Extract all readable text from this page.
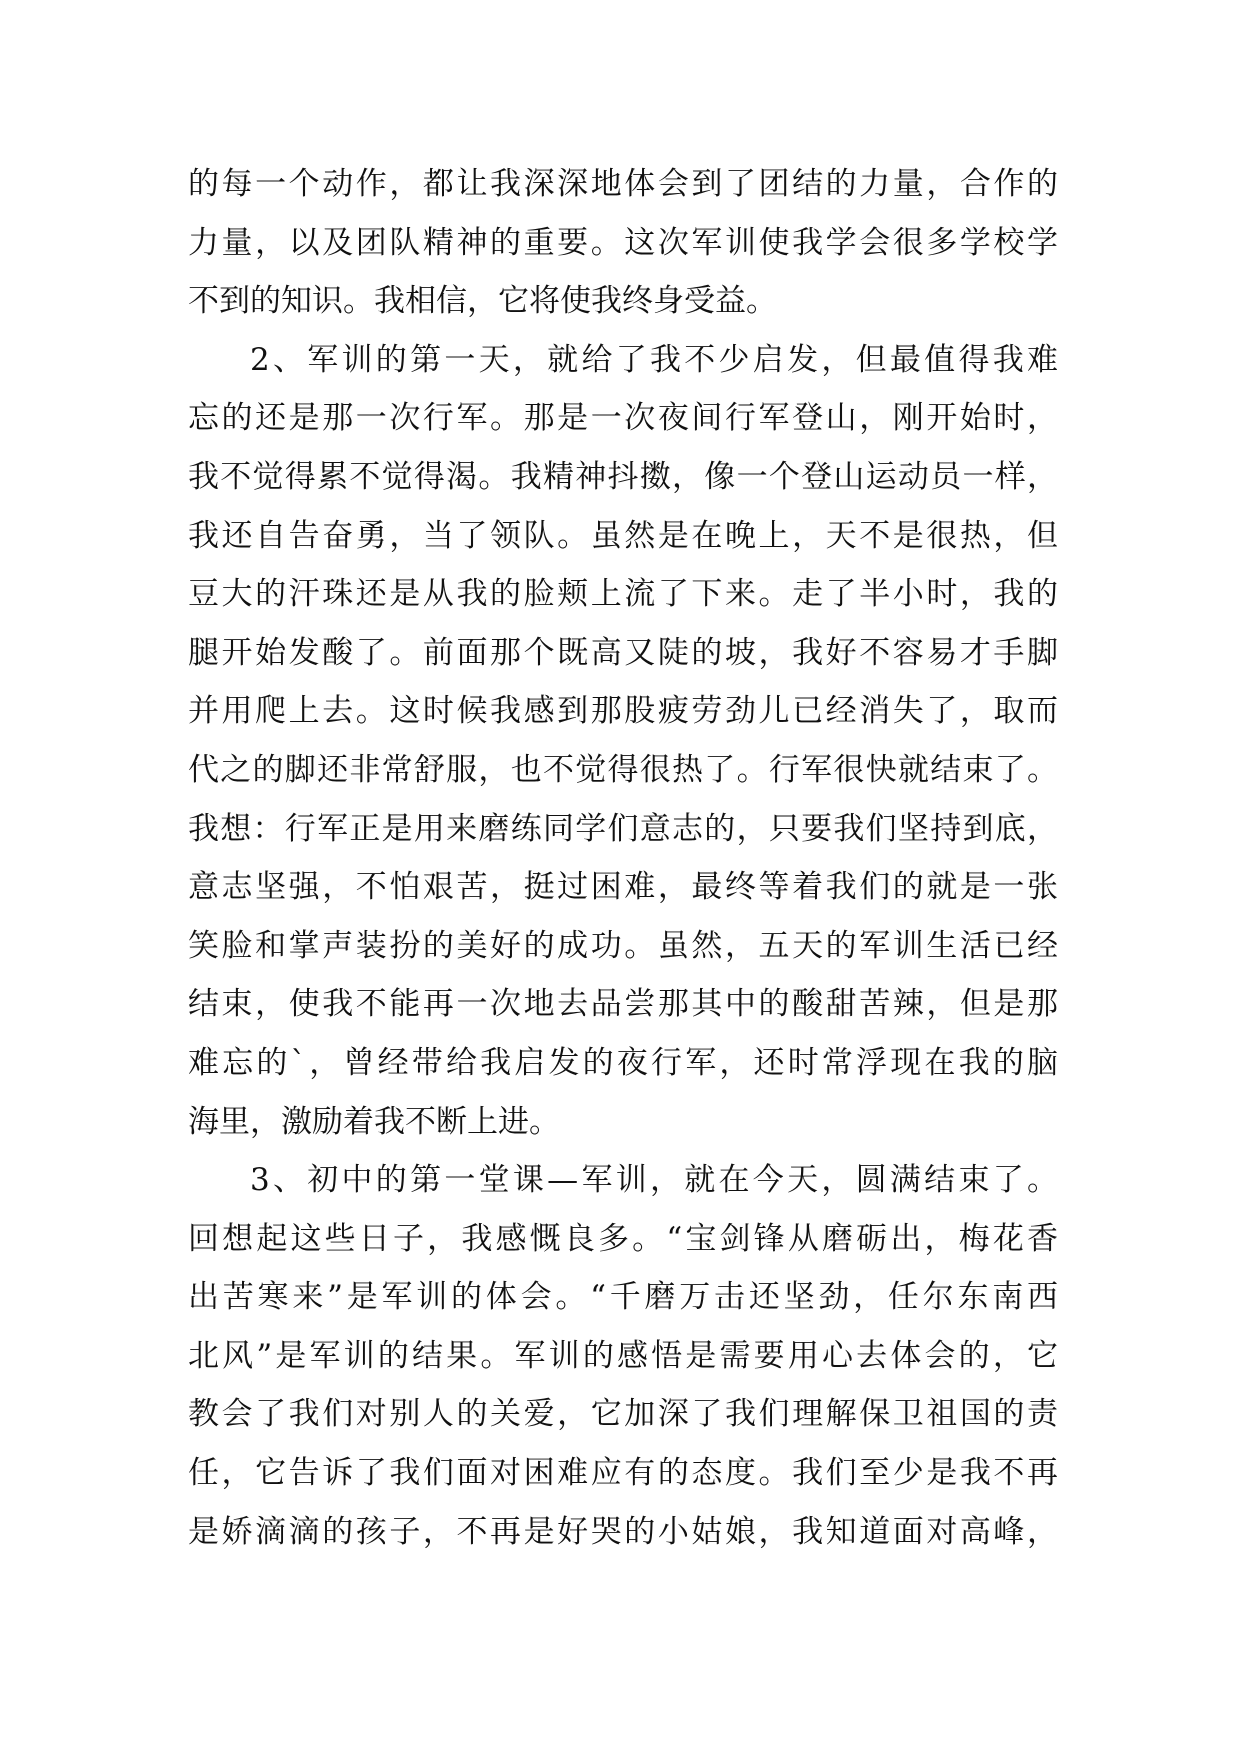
的每一个动作，都让我深深地体会到了团结的力量，合作的
力量，以及团队精神的重要。这次军训使我学会很多学校学
不到的知识。我相信，它将使我终身受益。
2、军训的第一天，就给了我不少启发，但最值得我难
忘的还是那一次行军。那是一次夜间行军登山，刚开始时，
我不觉得累不觉得渴。我精神抖擞，像一个登山运动员一样，
我还自告奋勇，当了领队。虽然是在晚上，天不是很热，但
豆大的汗珠还是从我的脸颊上流了下来。走了半小时，我的
腿开始发酸了。前面那个既高又陡的坡，我好不容易才手脚
并用爬上去。这时候我感到那股疲劳劲儿已经消失了，取而
代之的脚还非常舒服，也不觉得很热了。行军很快就结束了。
我想：行军正是用来磨练同学们意志的，只要我们坚持到底，
意志坚强，不怕艰苦，挺过困难，最终等着我们的就是一张
笑脸和掌声装扮的美好的成功。虽然，五天的军训生活已经
结束，使我不能再一次地去品尝那其中的酸甜苦辣，但是那
难忘的`，曾经带给我启发的夜行军，还时常浮现在我的脑
海里，激励着我不断上进。
3、初中的第一堂课—军训，就在今天，圆满结束了。
回想起这些日子，我感慨良多。“宝剑锋从磨砺出，梅花香
出苦寒来”是军训的体会。“千磨万击还坚劲，任尔东南西
北风”是军训的结果。军训的感悟是需要用心去体会的，它
教会了我们对别人的关爱，它加深了我们理解保卫祖国的责
任，它告诉了我们面对困难应有的态度。我们至少是我不再
是娇滴滴的孩子，不再是好哭的小姑娘，我知道面对高峰，
